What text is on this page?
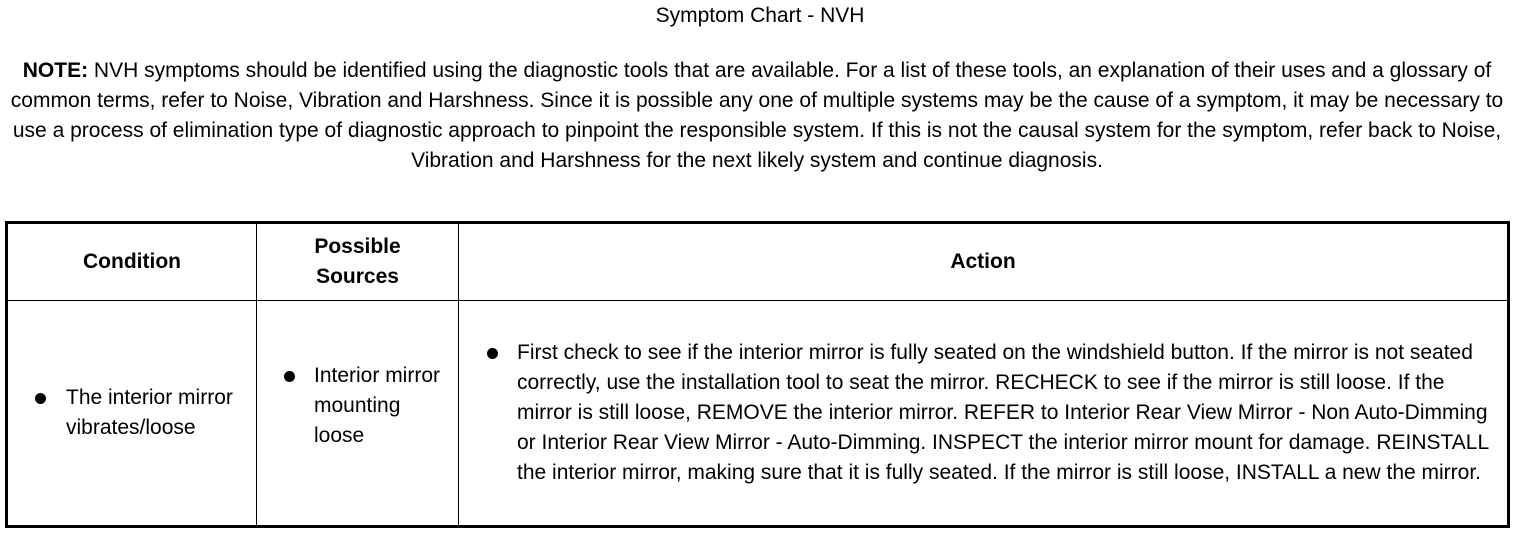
Symptom Chart - NVH
NOTE: NVH symptoms should be identified using the diagnostic tools that are available. For a list of these tools, an explanation of their uses and a glossary of common terms, refer to Noise, Vibration and Harshness. Since it is possible any one of multiple systems may be the cause of a symptom, it may be necessary to use a process of elimination type of diagnostic approach to pinpoint the responsible system. If this is not the causal system for the symptom, refer back to Noise, Vibration and Harshness for the next likely system and continue diagnosis.
Condition	Possible Sources	Action

The interior mirror vibrates/loose	Interior mirror mounting loose	First check to see if the interior mirror is fully seated on the windshield button. If the mirror is not seated correctly, use the installation tool to seat the mirror. RECHECK to see if the mirror is still loose. If the mirror is still loose, REMOVE the interior mirror. REFER to Interior Rear View Mirror - Non Auto-Dimming or Interior Rear View Mirror - Auto-Dimming. INSPECT the interior mirror mount for damage. REINSTALL the interior mirror, making sure that it is fully seated. If the mirror is still loose, INSTALL a new the mirror.
